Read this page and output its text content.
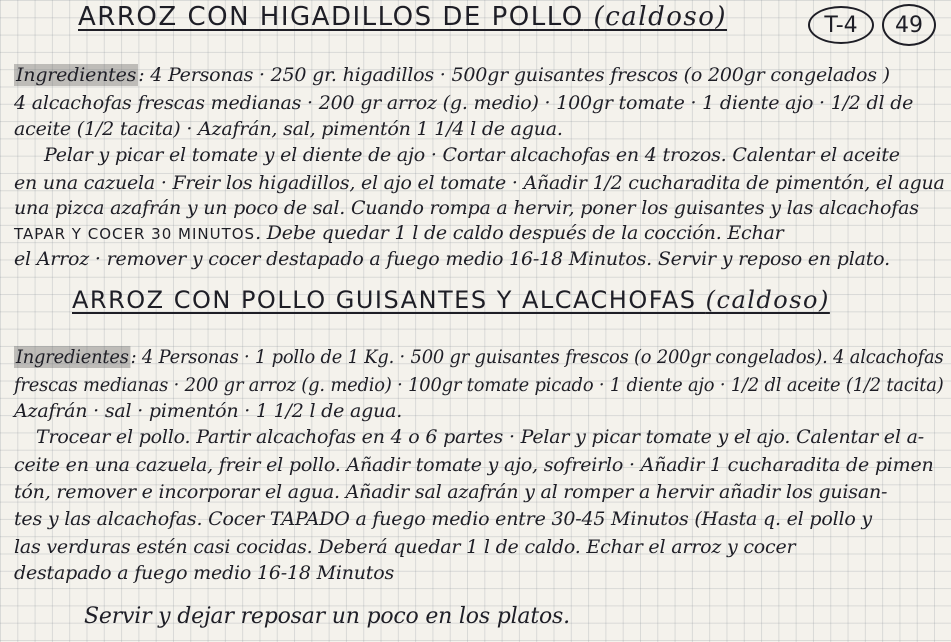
ARROZ CON HIGADILLOS DE POLLO (caldoso)	T-4 49
Ingredientes : 4 Personas · 250 gr. higadillos · 500gr guisantes frescos (o 200gr congelados )
4 alcachofas frescas medianas · 200 gr arroz (g. medio) · 100gr tomate · 1 diente ajo · 1/2 dl de
aceite (1/2 tacita) · Azafrán, sal, pimentón 1 1/4 l de agua.
Pelar y picar el tomate y el diente de ajo · Cortar alcachofas en 4 trozos. Calentar el aceite
en una cazuela · Freir los higadillos, el ajo el tomate · Añadir 1/2 cucharadita de pimentón, el agua
una pizca azafrán y un poco de sal. Cuando rompa a hervir, poner los guisantes y las alcachofas
TAPAR Y COCER 30 MINUTOS. Debe quedar 1 l de caldo después de la cocción. Echar
el Arroz · remover y cocer destapado a fuego medio 16-18 Minutos. Servir y reposo en plato.
ARROZ CON POLLO GUISANTES Y ALCACHOFAS (caldoso)
Ingredientes: 4 Personas · 1 pollo de 1 Kg. · 500 gr guisantes frescos (o 200gr congelados). 4 alcachofas
frescas medianas · 200 gr arroz (g. medio) · 100gr tomate picado · 1 diente ajo · 1/2 dl aceite (1/2 tacita)
Azafrán · sal · pimentón · 1 1/2 l de agua.
Trocear el pollo. Partir alcachofas en 4 o 6 partes · Pelar y picar tomate y el ajo. Calentar el a-
ceite en una cazuela, freir el pollo. Añadir tomate y ajo, sofreirlo · Añadir 1 cucharadita de pimen
tón, remover e incorporar el agua. Añadir sal azafrán y al romper a hervir añadir los guisan-
tes y las alcachofas. Cocer TAPADO a fuego medio entre 30-45 Minutos (Hasta q. el pollo y
las verduras estén casi cocidas. Deberá quedar 1 l de caldo. Echar el arroz y cocer
destapado a fuego medio 16-18 Minutos
Servir y dejar reposar un poco en los platos.
